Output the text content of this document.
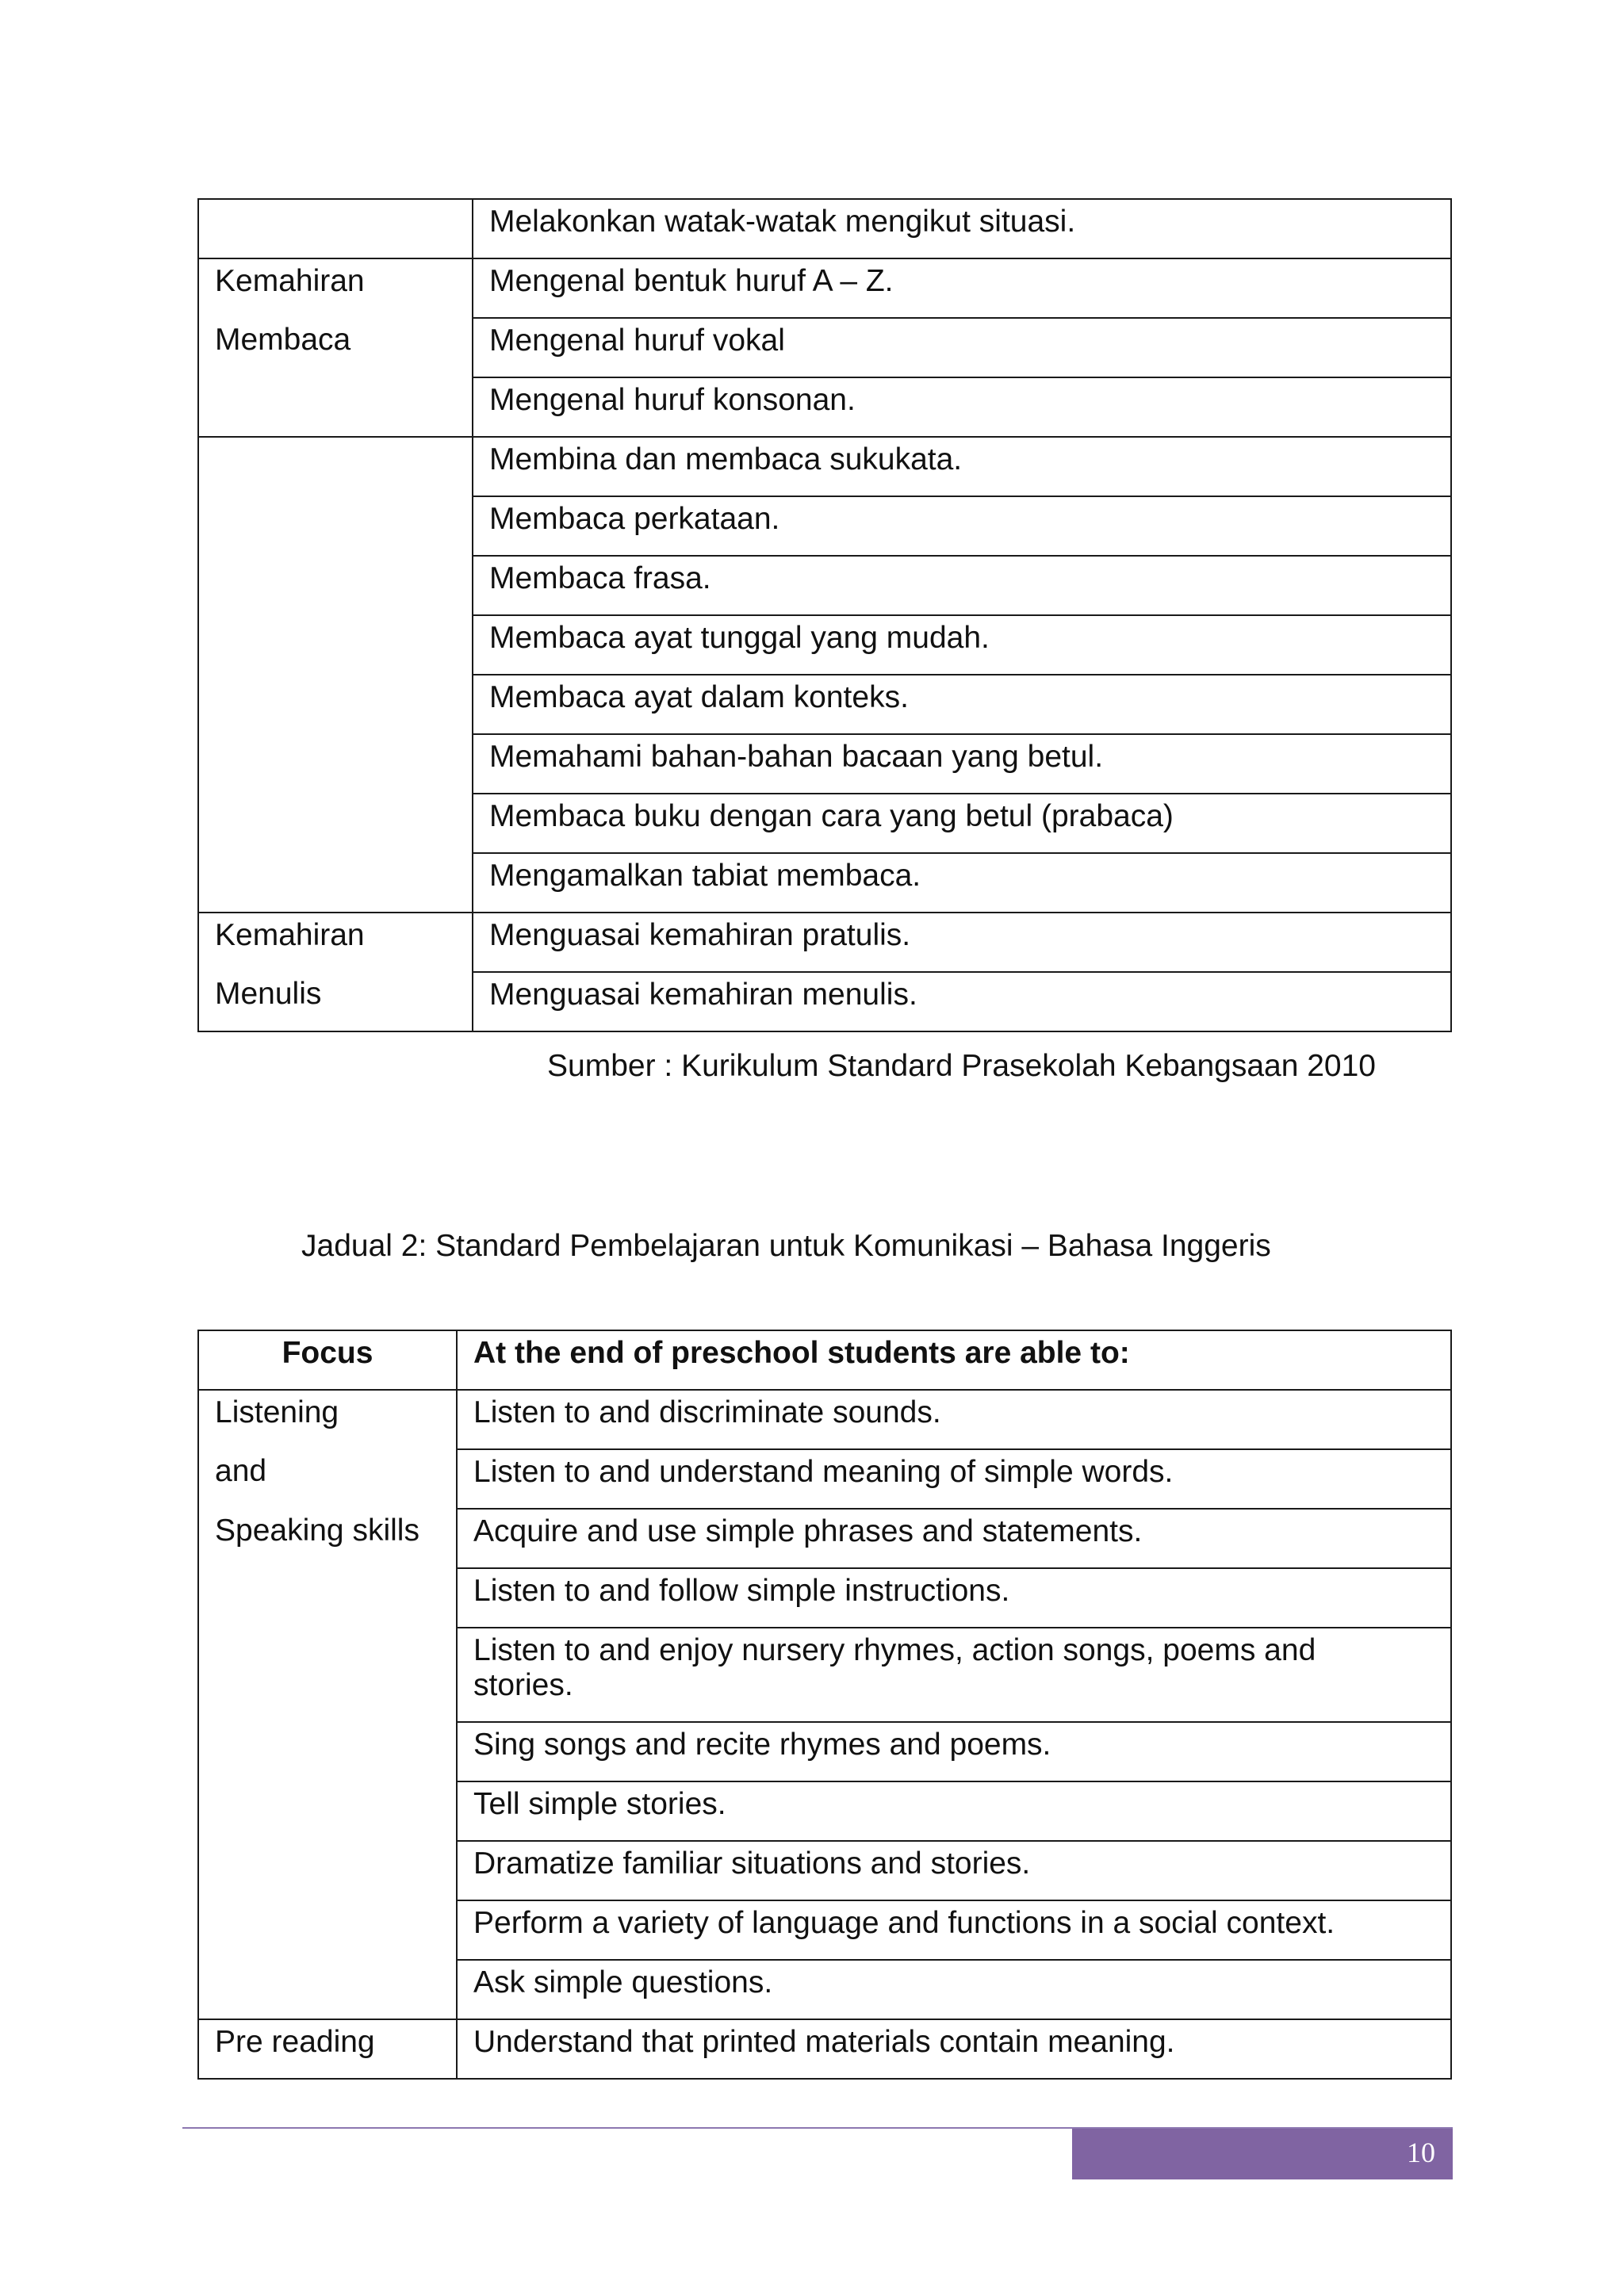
	Melakonkan watak-watak mengikut situasi.
Kemahiran	Mengenal bentuk huruf A – Z.
Membaca	Mengenal huruf vokal
	Mengenal huruf konsonan.
	Membina dan membaca sukukata.
	Membaca perkataan.
	Membaca frasa.
	Membaca ayat tunggal yang mudah.
	Membaca ayat dalam konteks.
	Memahami bahan-bahan bacaan yang betul.
	Membaca buku dengan cara yang betul (prabaca)
	Mengamalkan tabiat membaca.
Kemahiran	Menguasai kemahiran pratulis.
Menulis	Menguasai kemahiran menulis.
Sumber : Kurikulum Standard Prasekolah Kebangsaan 2010
Jadual 2: Standard Pembelajaran untuk Komunikasi – Bahasa Inggeris
Focus	At the end of preschool students are able to:
Listening	Listen to and discriminate sounds.
and	Listen to and understand meaning of simple words.
Speaking skills	Acquire and use simple phrases and statements.
	Listen to and follow simple instructions.
	Listen to and enjoy nursery rhymes, action songs, poems and stories.
	Sing songs and recite rhymes and poems.
	Tell simple stories.
	Dramatize familiar situations and stories.
	Perform a variety of language and functions in a social context.
	Ask simple questions.
Pre reading	Understand that printed materials contain meaning.
10
